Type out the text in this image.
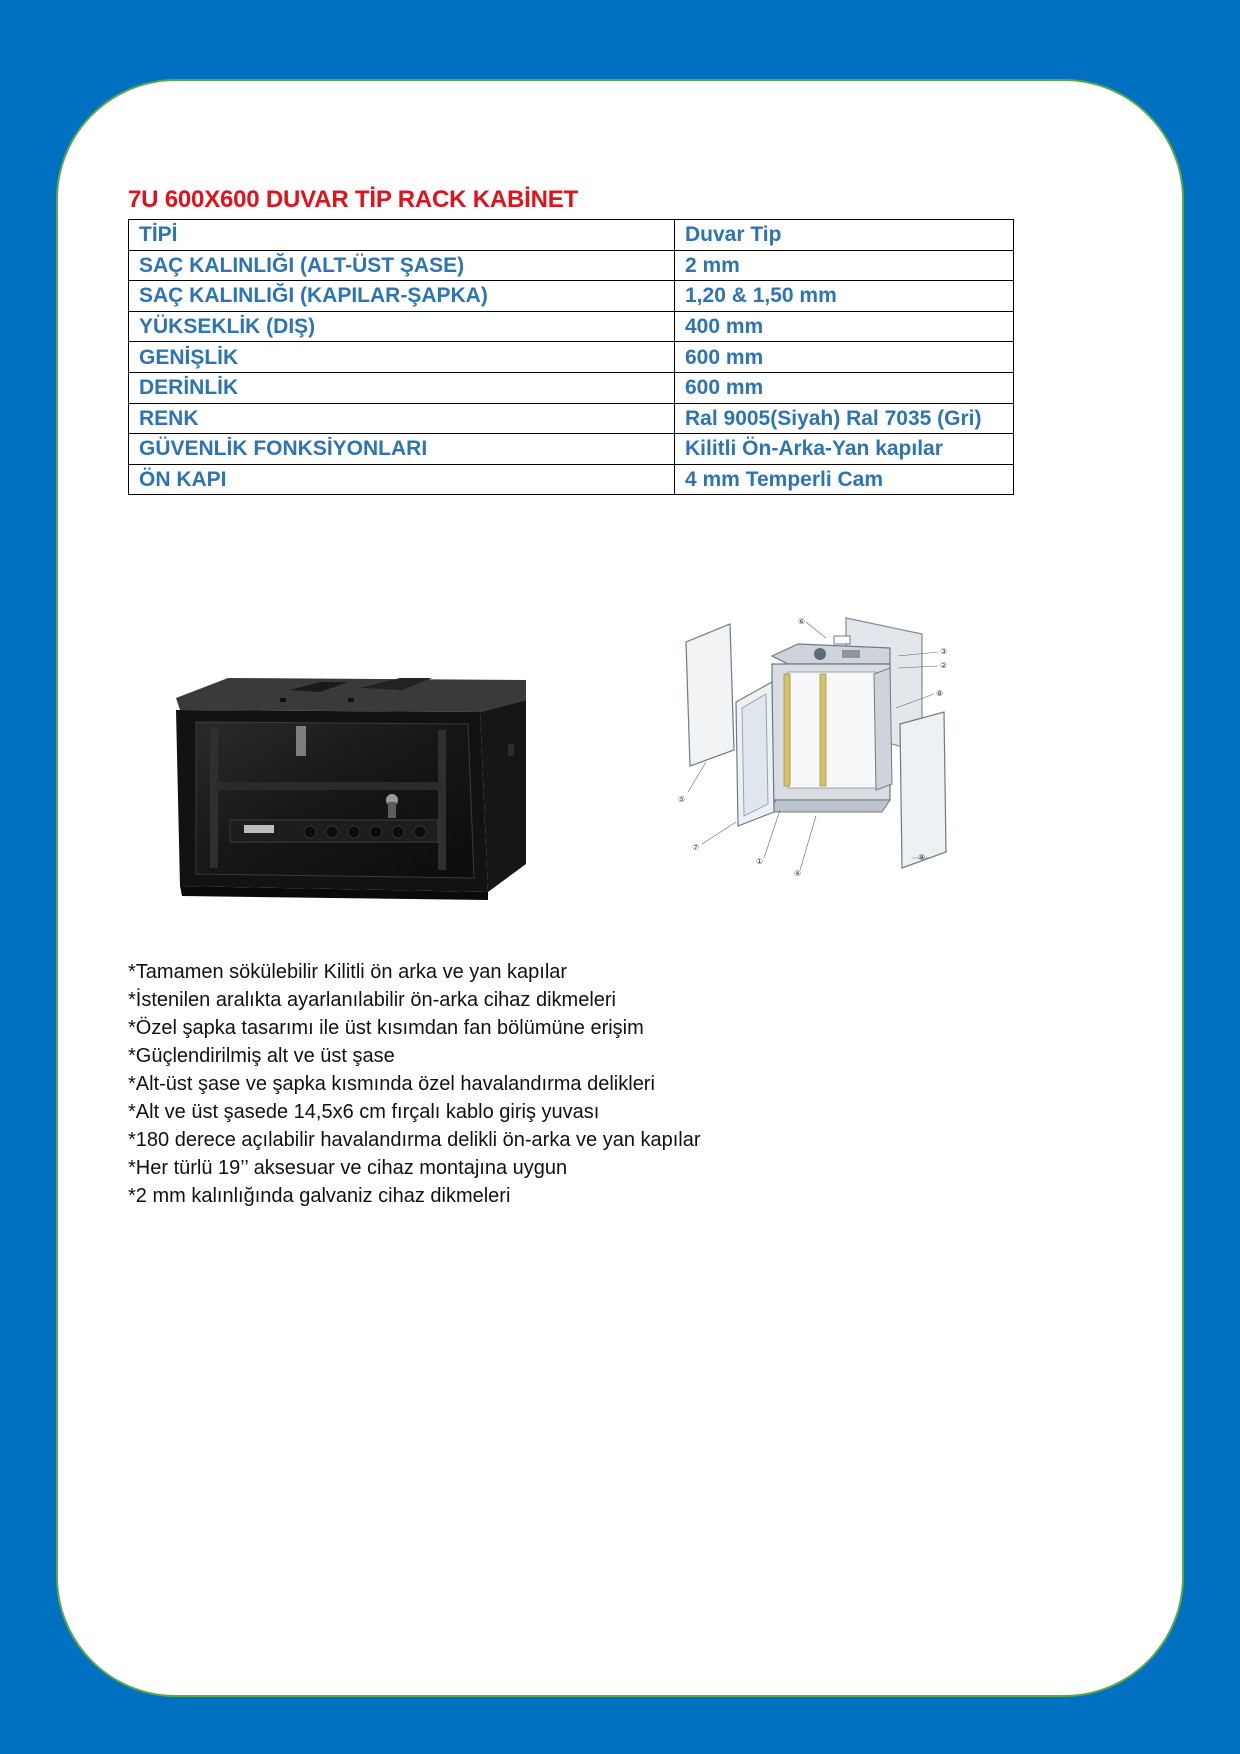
7U 600X600 DUVAR TİP RACK KABİNET
TİPİ	Duvar Tip
SAÇ KALINLIĞI (ALT-ÜST ŞASE)	2 mm
SAÇ KALINLIĞI (KAPILAR-ŞAPKA)	1,20 & 1,50 mm
YÜKSEKLİK (DIŞ)	400 mm
GENİŞLİK	600 mm
DERİNLİK	600 mm
RENK	Ral 9005(Siyah) Ral 7035 (Gri)
GÜVENLİK FONKSİYONLARI	Kilitli Ön-Arka-Yan kapılar
ÖN KAPI	4 mm Temperli Cam
⑥
③
②
⑧
⑤
⑦
①
④
⑨
*Tamamen sökülebilir Kilitli ön arka ve yan kapılar
*İstenilen aralıkta ayarlanılabilir ön-arka cihaz dikmeleri
*Özel şapka tasarımı ile üst kısımdan fan bölümüne erişim
*Güçlendirilmiş alt ve üst şase
*Alt-üst şase ve şapka kısmında özel havalandırma delikleri
*Alt ve üst şasede 14,5x6 cm fırçalı kablo giriş yuvası
*180 derece açılabilir havalandırma delikli ön-arka ve yan kapılar
*Her türlü 19’’ aksesuar ve cihaz montajına uygun
*2 mm kalınlığında galvaniz cihaz dikmeleri
